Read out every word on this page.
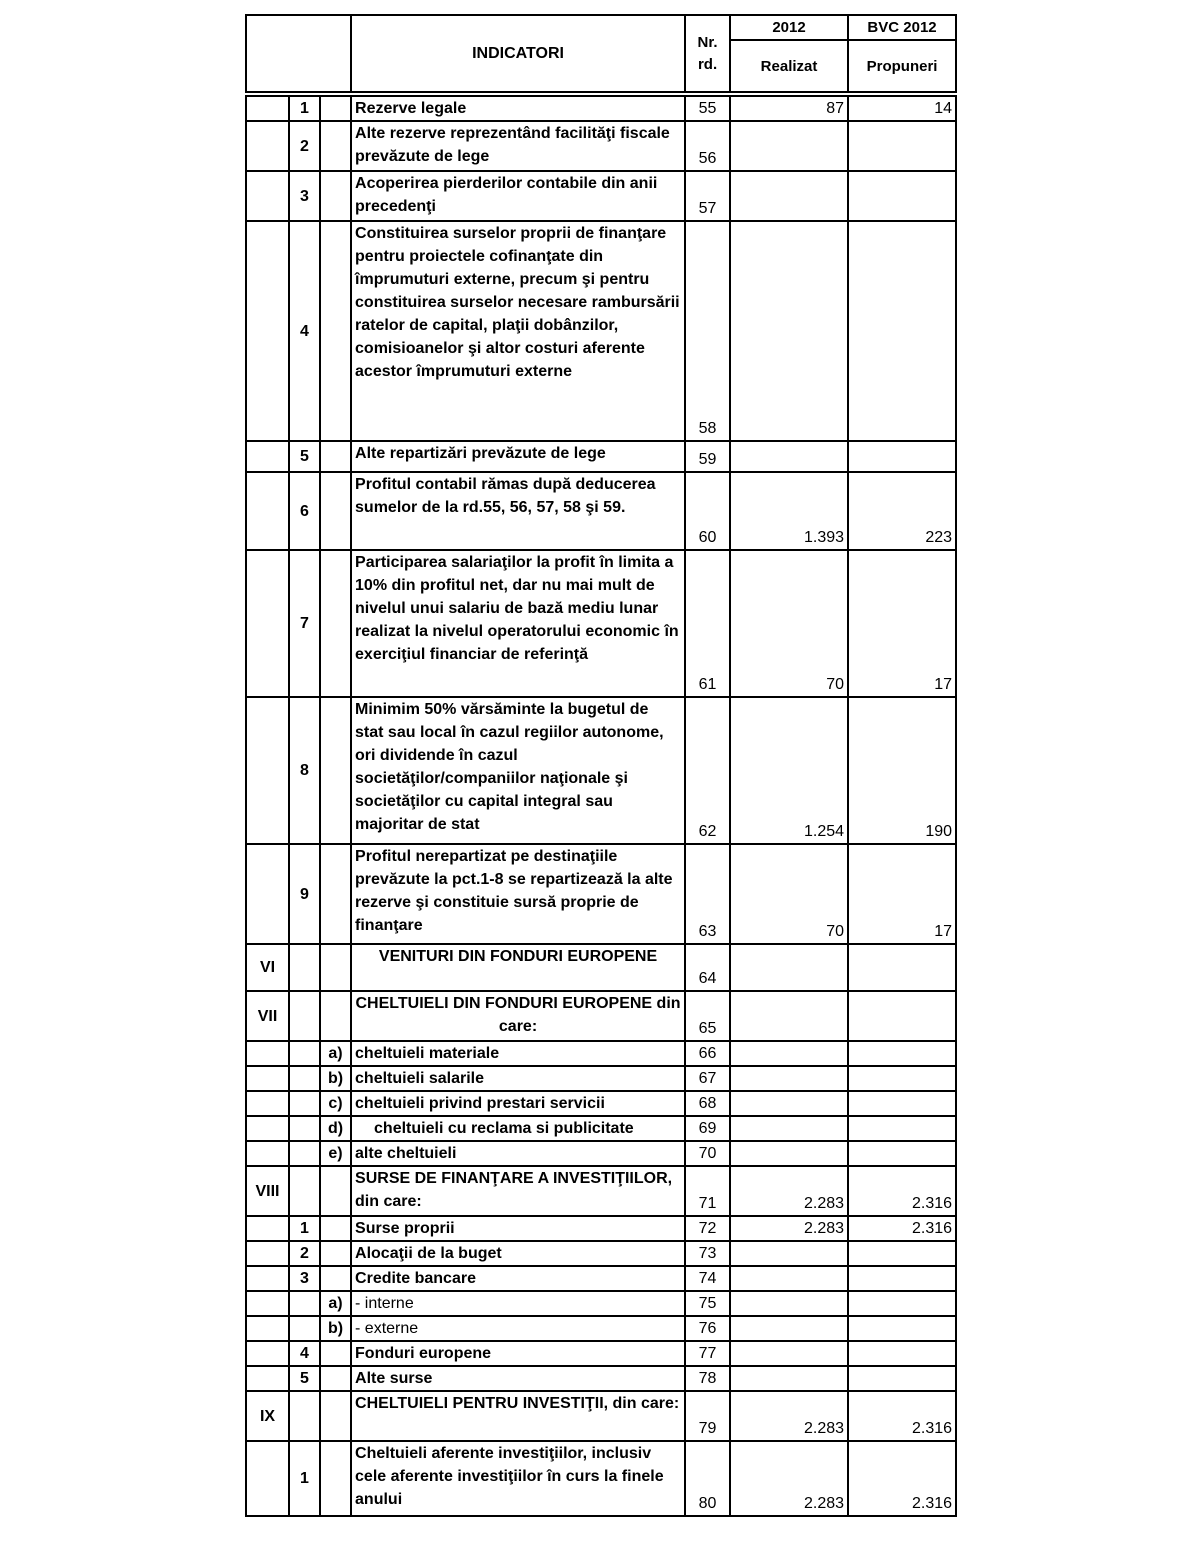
			INDICATORI	Nr. rd.	2012	BVC 2012
					Realizat	Propuneri

	1		Rezerve legale	55	87	14
	2		Alte rezerve reprezentând facilităţi fiscale prevăzute de lege	56		
	3		Acoperirea pierderilor contabile din anii precedenţi	57		
	4		Constituirea surselor proprii de finanţare pentru proiectele cofinanţate din împrumuturi externe, precum şi pentru constituirea surselor necesare rambursării ratelor de capital, plaţii dobânzilor, comisioanelor şi altor costuri aferente acestor împrumuturi externe	58		
	5		Alte repartizări prevăzute de lege	59		
	6		Profitul contabil rămas după deducerea sumelor de la rd.55, 56, 57, 58 şi 59.	60	1.393	223
	7		Participarea salariaţilor la profit în limita a 10% din profitul net, dar nu mai mult de nivelul unui salariu de bază mediu lunar realizat la nivelul operatorului economic în exerciţiul financiar de referinţă	61	70	17
	8		Minimim 50% vărsăminte la bugetul de stat sau local în cazul regiilor autonome, ori dividende în cazul societăţilor/companiilor naţionale şi societăţilor cu capital integral sau majoritar de stat	62	1.254	190
	9		Profitul nerepartizat pe destinaţiile prevăzute la pct.1-8 se repartizează la alte rezerve şi constituie sursă proprie de finanţare	63	70	17
VI			VENITURI DIN FONDURI EUROPENE	64		
VII			CHELTUIELI DIN FONDURI EUROPENE din care:	65		
		a)	cheltuieli materiale	66		
		b)	cheltuieli salarile	67		
		c)	cheltuieli privind prestari servicii	68		
		d)	cheltuieli cu reclama si publicitate	69		
		e)	alte cheltuieli	70		
VIII			SURSE DE FINANŢARE A INVESTIŢIILOR, din care:	71	2.283	2.316
	1		Surse proprii	72	2.283	2.316
	2		Alocaţii de la buget	73		
	3		Credite bancare	74		
		a)	- interne	75		
		b)	- externe	76		
	4		Fonduri europene	77		
	5		Alte surse	78		
IX			CHELTUIELI PENTRU INVESTIŢII, din care:	79	2.283	2.316
	1		Cheltuieli aferente investiţiilor, inclusiv cele aferente investiţiilor în curs la finele anului	80	2.283	2.316
